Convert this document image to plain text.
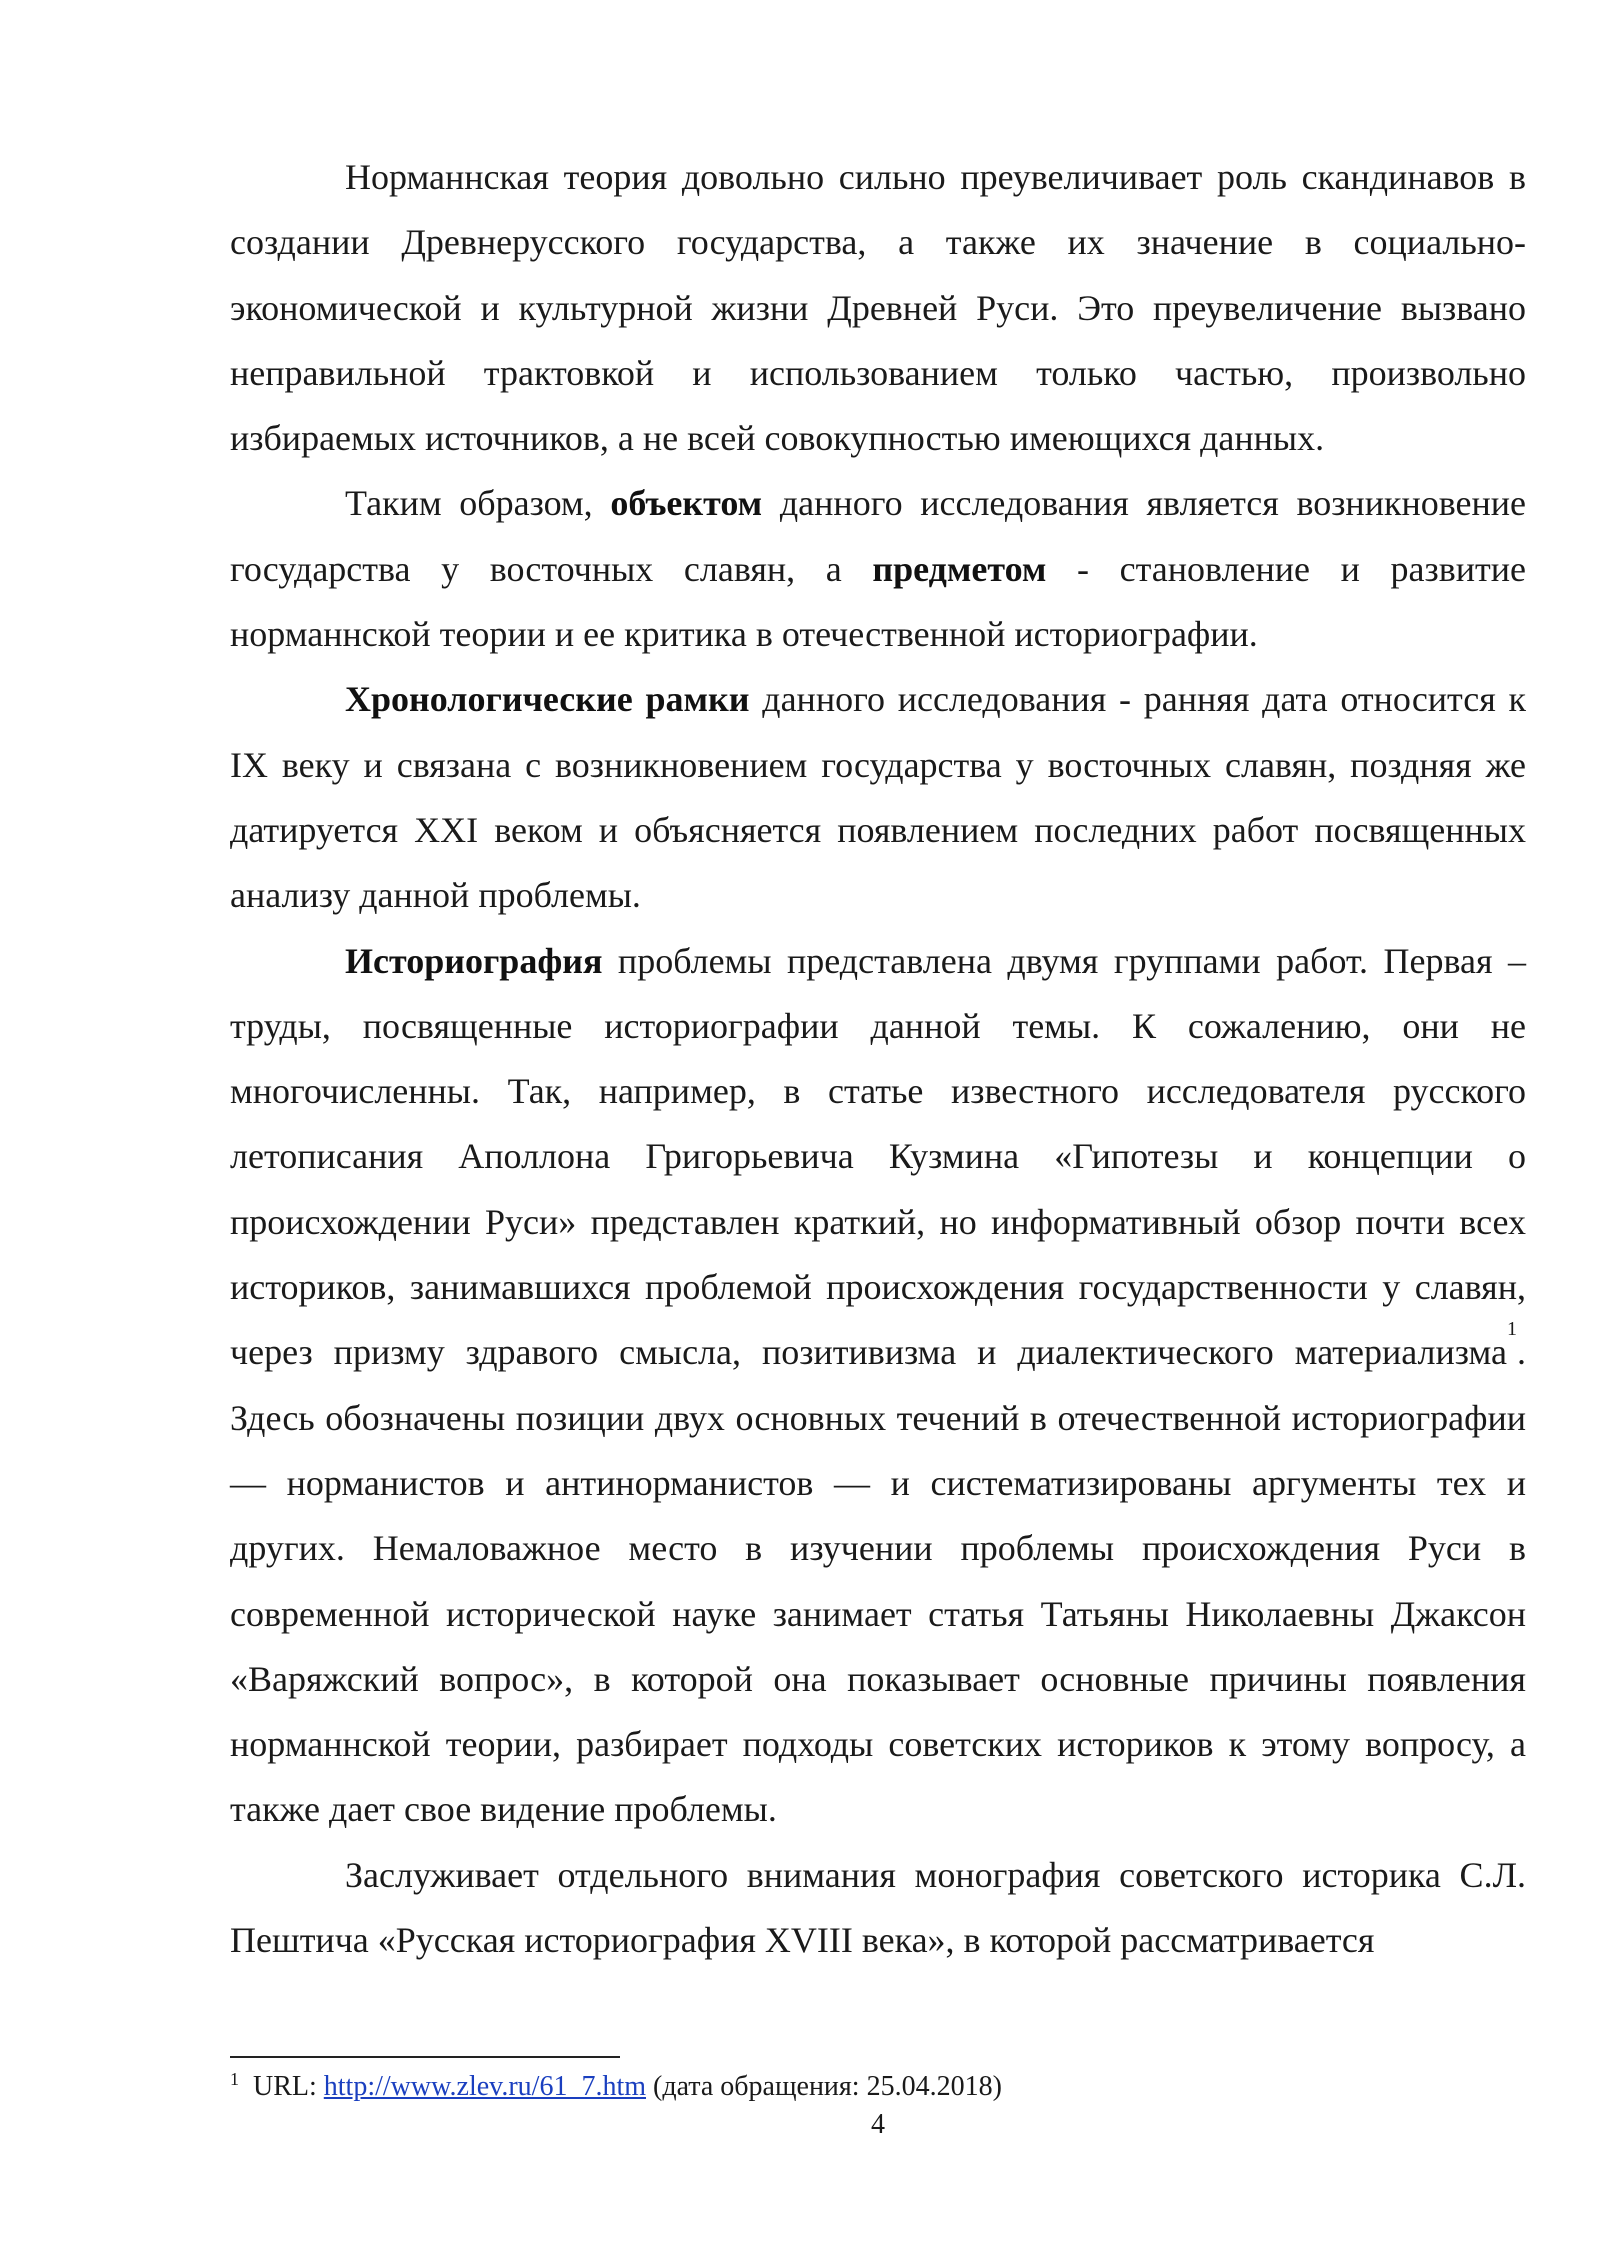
Норманнская теория довольно сильно преувеличивает роль скандинавов в создании Древнерусского государства, а также их значение в социально-экономической и культурной жизни Древней Руси. Это преувеличение вызвано неправильной трактовкой и использованием только частью, произвольно избираемых источников, а не всей совокупностью имеющихся данных.

Таким образом, объектом данного исследования является возникновение государства у восточных славян, а предметом - становление и развитие норманнской теории и ее критика в отечественной историографии.

Хронологические рамки данного исследования - ранняя дата относится к IX веку и связана с возникновением государства у восточных славян, поздняя же датируется XXI веком и объясняется появлением последних работ посвященных анализу данной проблемы.

Историография проблемы представлена двумя группами работ. Первая – труды, посвященные историографии данной темы. К сожалению, они не многочисленны. Так, например, в статье известного исследователя русского летописания Аполлона Григорьевича Кузмина «Гипотезы и концепции о происхождении Руси» представлен краткий, но информативный обзор почти всех историков, занимавшихся проблемой происхождения государственности у славян, через призму здравого смысла, позитивизма и диалектического материализма$^1$. Здесь обозначены позиции двух основных течений в отечественной историографии — норманистов и антинорманистов — и систематизированы аргументы тех и других. Немаловажное место в изучении проблемы происхождения Руси в современной исторической науке занимает статья Татьяны Николаевны Джаксон «Варяжский вопрос», в которой она показывает основные причины появления норманнской теории, разбирает подходы советских историков к этому вопросу, а также дает свое видение проблемы.

Заслуживает отдельного внимания монография советского историка С.Л. Пештича «Русская историография XVIII века», в которой рассматривается

$^1$ URL: http://www.zlev.ru/61_7.htm (дата обращения: 25.04.2018)
4
